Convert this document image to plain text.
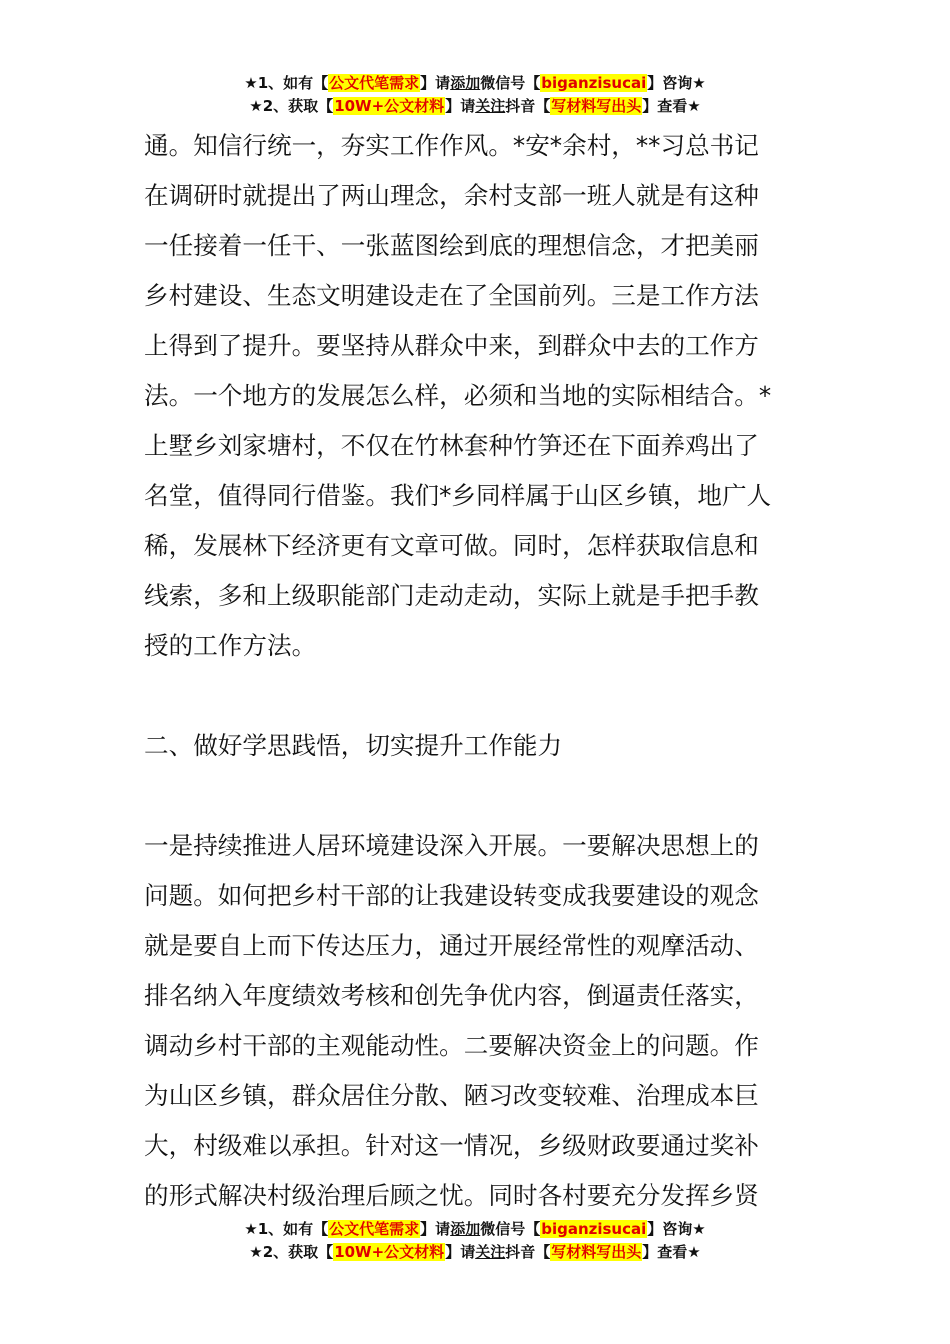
★1、如有【公文代笔需求】请添加微信号【biganzisucai】咨询★
★2、获取【10W+公文材料】请关注抖音【写材料写出头】查看★

通。知信行统一，夯实工作作风。*安*余村，**习总书记

在调研时就提出了两山理念，余村支部一班人就是有这种

一任接着一任干、一张蓝图绘到底的理想信念，才把美丽

乡村建设、生态文明建设走在了全国前列。三是工作方法

上得到了提升。要坚持从群众中来，到群众中去的工作方

法。一个地方的发展怎么样，必须和当地的实际相结合。*

上墅乡刘家塘村，不仅在竹林套种竹笋还在下面养鸡出了

名堂，值得同行借鉴。我们*乡同样属于山区乡镇，地广人

稀，发展林下经济更有文章可做。同时，怎样获取信息和

线索，多和上级职能部门走动走动，实际上就是手把手教

授的工作方法。

二、做好学思践悟，切实提升工作能力

一是持续推进人居环境建设深入开展。一要解决思想上的

问题。如何把乡村干部的让我建设转变成我要建设的观念

就是要自上而下传达压力，通过开展经常性的观摩活动、

排名纳入年度绩效考核和创先争优内容，倒逼责任落实，

调动乡村干部的主观能动性。二要解决资金上的问题。作

为山区乡镇，群众居住分散、陋习改变较难、治理成本巨

大，村级难以承担。针对这一情况，乡级财政要通过奖补

的形式解决村级治理后顾之忧。同时各村要充分发挥乡贤

★1、如有【公文代笔需求】请添加微信号【biganzisucai】咨询★
★2、获取【10W+公文材料】请关注抖音【写材料写出头】查看★
